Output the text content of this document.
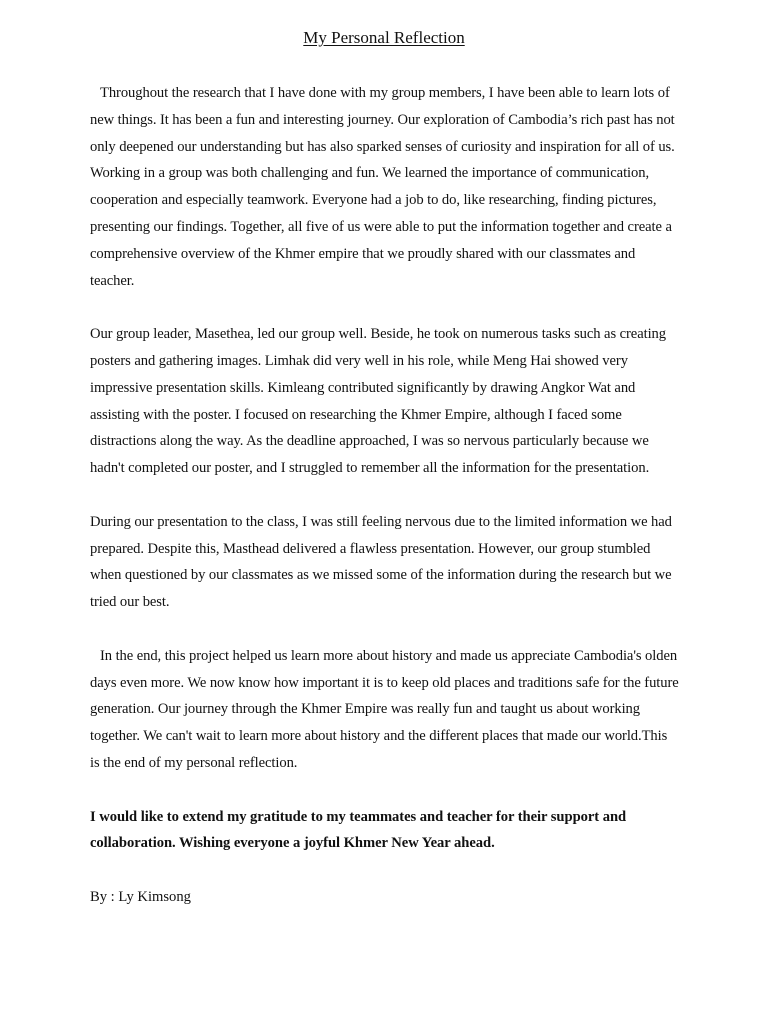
My Personal Reflection

Throughout the research that I have done with my group members, I have been able to learn lots of new things. It has been a fun and interesting journey. Our exploration of Cambodia’s rich past has not only deepened our understanding but has also sparked senses of curiosity and inspiration for all of us. Working in a group was both challenging and fun. We learned the importance of communication, cooperation and especially teamwork. Everyone had a job to do, like researching, finding pictures, presenting our findings. Together, all five of us were able to put the information together and create a comprehensive overview of the Khmer empire that we proudly shared with our classmates and teacher.

Our group leader, Masethea, led our group well. Beside, he took on numerous tasks such as creating posters and gathering images. Limhak did very well in his role, while Meng Hai showed very impressive presentation skills. Kimleang contributed significantly by drawing Angkor Wat and assisting with the poster. I focused on researching the Khmer Empire, although I faced some distractions along the way. As the deadline approached, I was so nervous particularly because we hadn't completed our poster, and I struggled to remember all the information for the presentation.

During our presentation to the class, I was still feeling nervous due to the limited information we had prepared. Despite this, Masthead delivered a flawless presentation. However, our group stumbled when questioned by our classmates as we missed some of the information during the research but we tried our best.

In the end, this project helped us learn more about history and made us appreciate Cambodia's olden days even more. We now know how important it is to keep old places and traditions safe for the future generation. Our journey through the Khmer Empire was really fun and taught us about working together. We can't wait to learn more about history and the different places that made our world.This is the end of my personal reflection.

I would like to extend my gratitude to my teammates and teacher for their support and collaboration. Wishing everyone a joyful Khmer New Year ahead.

By : Ly Kimsong
